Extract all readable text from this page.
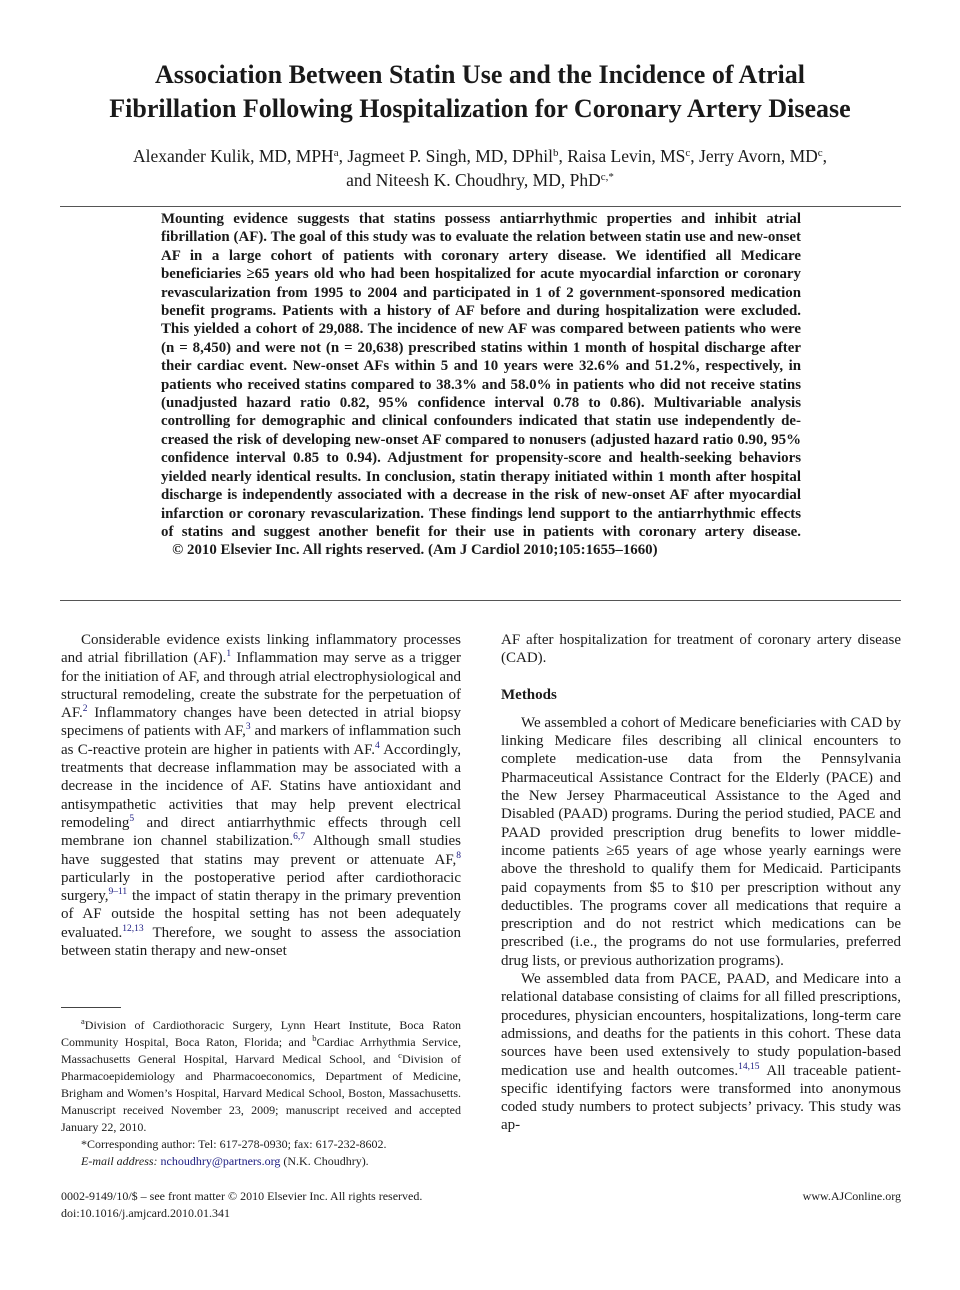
Association Between Statin Use and the Incidence of Atrial
Fibrillation Following Hospitalization for Coronary Artery Disease
Alexander Kulik, MD, MPH$^a$, Jagmeet P. Singh, MD, DPhil$^b$, Raisa Levin, $MS^c$, Jerry Avorn, $MD^c$,
and Niteesh K. Choudhry, MD, PhD$^{c,*}$
Mounting evidence suggests that statins possess antiarrhythmic properties and inhibit atrial fibrillation (AF). The goal of this study was to evaluate the relation between statin use and new-onset AF in a large cohort of patients with coronary artery disease. We identified all Medicare beneficiaries ≥65 years old who had been hospitalized for acute myocardial infarction or coronary revascularization from 1995 to 2004 and participated in 1 of 2 government-sponsored medication benefit programs. Patients with a history of AF before and during hospitalization were excluded. This yielded a cohort of 29,088. The incidence of new AF was compared between patients who were (n = 8,450) and were not (n = 20,638) prescribed statins within 1 month of hospital discharge after their cardiac event. New-onset AFs within 5 and 10 years were 32.6% and 51.2%, respectively, in patients who received statins compared to 38.3% and 58.0% in patients who did not receive statins (unadjusted hazard ratio 0.82, 95% confidence interval 0.78 to 0.86). Multivariable analysis controlling for demographic and clinical confounders indicated that statin use independently decreased the risk of developing new-onset AF compared to nonusers (adjusted hazard ratio 0.90, 95% confidence interval 0.85 to 0.94). Adjustment for propensity-score and health-seeking behaviors yielded nearly identical results. In conclusion, statin therapy initiated within 1 month after hospital discharge is independently associated with a decrease in the risk of new-onset AF after myocardial infarction or coronary revascularization. These findings lend support to the antiarrhythmic effects of statins and suggest another benefit for their use in patients with coronary artery disease.    © 2010 Elsevier Inc. All rights reserved. (Am J Cardiol 2010;105:1655–1660)

Considerable evidence exists linking inflammatory processes and atrial fibrillation (AF).$^1$ Inflammation may serve as a trigger for the initiation of AF, and through atrial electrophysiological and structural remodeling, create the substrate for the perpetuation of AF.$^2$ Inflammatory changes have been detected in atrial biopsy specimens of patients with AF,$^3$ and markers of inflammation such as C-reactive protein are higher in patients with AF.$^4$ Accordingly, treatments that decrease inflammation may be associated with a decrease in the incidence of AF. Statins have antioxidant and antisympathetic activities that may help prevent electrical remodeling$^5$ and direct antiarrhythmic effects through cell membrane ion channel stabilization.$^{6,7}$ Although small studies have suggested that statins may prevent or attenuate AF,$^8$ particularly in the postoperative period after cardiothoracic surgery,$^{9-11}$ the impact of statin therapy in the primary prevention of AF outside the hospital setting has not been adequately evaluated.$^{12,13}$ Therefore, we sought to assess the association between statin therapy and new-onset

$^a$Division of Cardiothoracic Surgery, Lynn Heart Institute, Boca Raton Community Hospital, Boca Raton, Florida; and $^b$Cardiac Arrhythmia Service, Massachusetts General Hospital, Harvard Medical School, and $^c$Division of Pharmacoepidemiology and Pharmacoeconomics, Department of Medicine, Brigham and Women’s Hospital, Harvard Medical School, Boston, Massachusetts. Manuscript received November 23, 2009; manuscript received and accepted January 22, 2010.

*Corresponding author: Tel: 617-278-0930; fax: 617-232-8602.

E-mail address: nchoudhry@partners.org (N.K. Choudhry).

AF after hospitalization for treatment of coronary artery disease (CAD).

Methods

We assembled a cohort of Medicare beneficiaries with CAD by linking Medicare files describing all clinical encounters to complete medication-use data from the Pennsylvania Pharmaceutical Assistance Contract for the Elderly (PACE) and the New Jersey Pharmaceutical Assistance to the Aged and Disabled (PAAD) programs. During the period studied, PACE and PAAD provided prescription drug benefits to lower middle-income patients ≥65 years of age whose yearly earnings were above the threshold to qualify them for Medicaid. Participants paid copayments from $5 to $10 per prescription without any deductibles. The programs cover all medications that require a prescription and do not restrict which medications can be prescribed (i.e., the programs do not use formularies, preferred drug lists, or previous authorization programs).

We assembled data from PACE, PAAD, and Medicare into a relational database consisting of claims for all filled prescriptions, procedures, physician encounters, hospitalizations, long-term care admissions, and deaths for the patients in this cohort. These data sources have been used extensively to study population-based medication use and health outcomes.$^{14,15}$ All traceable patient-specific identifying factors were transformed into anonymous coded study numbers to protect subjects’ privacy. This study was ap-

0002-9149/10/$ – see front matter © 2010 Elsevier Inc. All rights reserved.
doi:10.1016/j.amjcard.2010.01.341
www.AJConline.org
